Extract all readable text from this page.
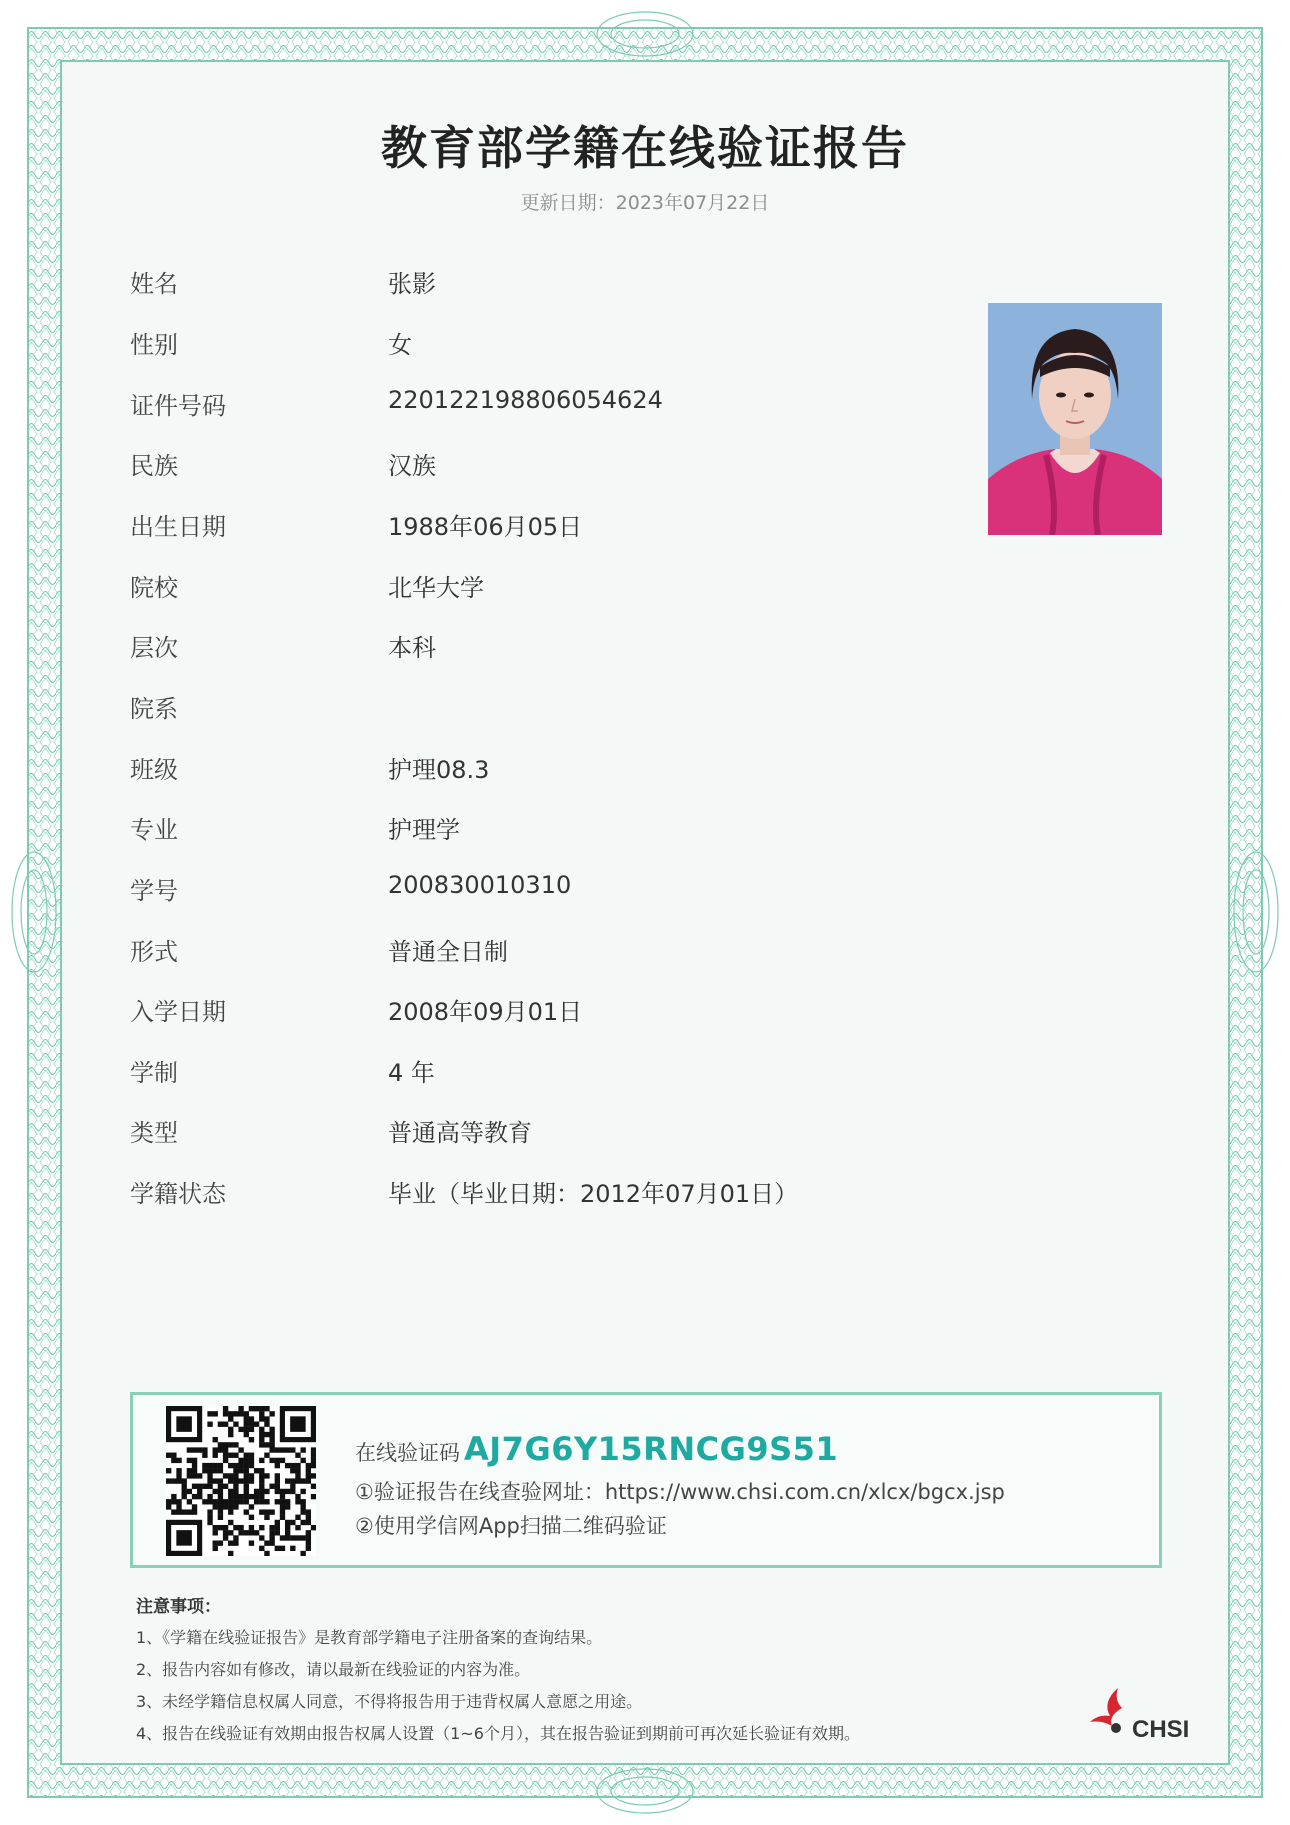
教育部学籍在线验证报告
更新日期：2023年07月22日
姓名	张影
性别	女
证件号码	220122198806054624
民族	汉族
出生日期	1988年06月05日
院校	北华大学
层次	本科
院系
班级	护理08.3
专业	护理学
学号	200830010310
形式	普通全日制
入学日期	2008年09月01日
学制	4 年
类型	普通高等教育
学籍状态	毕业（毕业日期：2012年07月01日）
在线验证码 AJ7G6Y15RNCG9S51
①验证报告在线查验网址：https://www.chsi.com.cn/xlcx/bgcx.jsp
②使用学信网App扫描二维码验证
注意事项：
1、《学籍在线验证报告》是教育部学籍电子注册备案的查询结果。
2、报告内容如有修改，请以最新在线验证的内容为准。
3、未经学籍信息权属人同意，不得将报告用于违背权属人意愿之用途。
4、报告在线验证有效期由报告权属人设置（1~6个月），其在报告验证到期前可再次延长验证有效期。	CHSI
